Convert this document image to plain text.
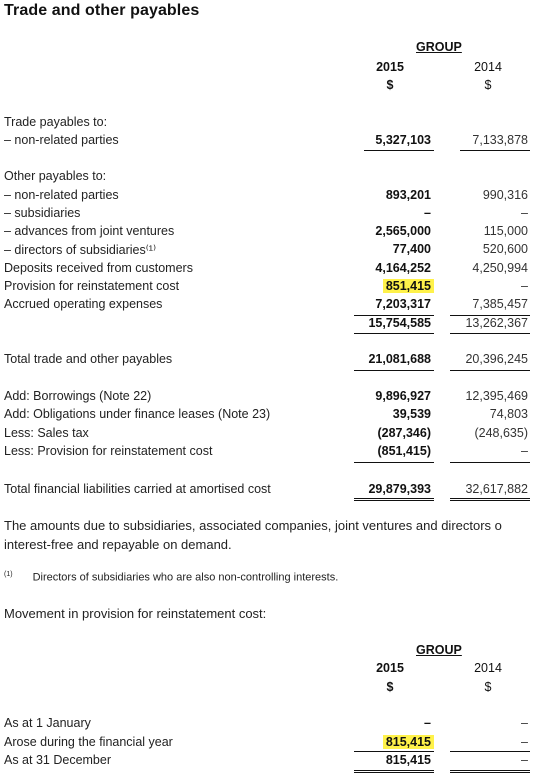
Trade and other payables
GROUP
2015	2014
$	$
Trade payables to:
– non-related parties	5,327,103	7,133,878
Other payables to:
– non-related parties	893,201	990,316
– subsidiaries	–	–
– advances from joint ventures	2,565,000	115,000
– directors of subsidiaries⁽¹⁾	77,400	520,600
Deposits received from customers	4,164,252	4,250,994
Provision for reinstatement cost	851,415	–
Accrued operating expenses	7,203,317	7,385,457
15,754,585	13,262,367
Total trade and other payables	21,081,688	20,396,245
Add: Borrowings (Note 22)	9,896,927	12,395,469
Add: Obligations under finance leases (Note 23)	39,539	74,803
Less: Sales tax	(287,346)	(248,635)
Less: Provision for reinstatement cost	(851,415)	–
Total financial liabilities carried at amortised cost	29,879,393	32,617,882
The amounts due to subsidiaries, associated companies, joint ventures and directors o
interest-free and repayable on demand.
$^{(1)}$ Directors of subsidiaries who are also non-controlling interests.
Movement in provision for reinstatement cost:
GROUP
2015	2014
$	$
As at 1 January	–	–
Arose during the financial year	815,415	–
As at 31 December	815,415	–
